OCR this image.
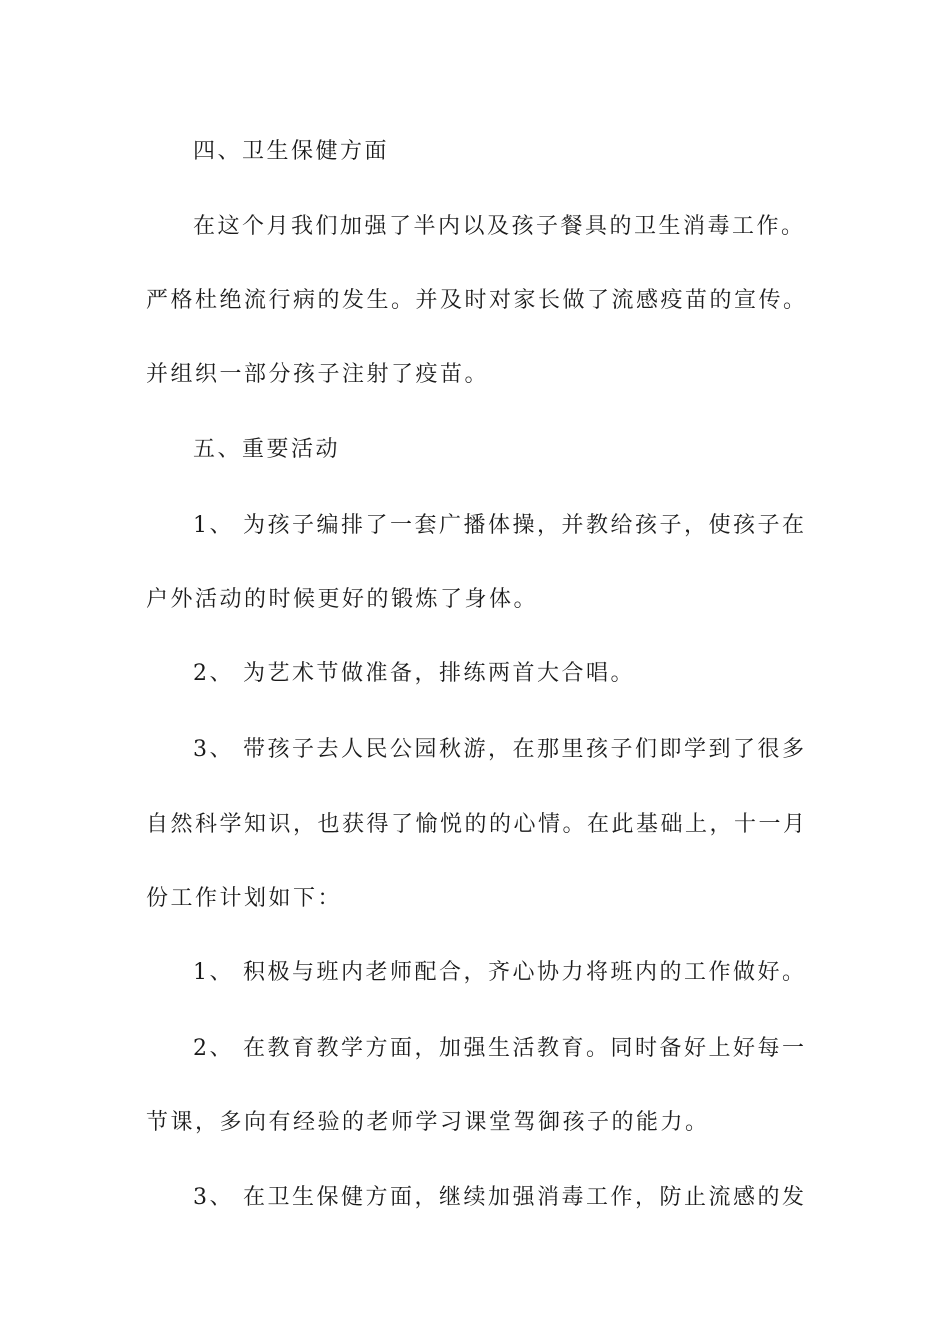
四、卫生保健方面
在这个月我们加强了半内以及孩子餐具的卫生消毒工作。
严格杜绝流行病的发生。并及时对家长做了流感疫苗的宣传。
并组织一部分孩子注射了疫苗。
五、重要活动
1、 为孩子编排了一套广播体操，并教给孩子，使孩子在
户外活动的时候更好的锻炼了身体。
2、 为艺术节做准备，排练两首大合唱。
3、 带孩子去人民公园秋游，在那里孩子们即学到了很多
自然科学知识，也获得了愉悦的的心情。在此基础上，十一月
份工作计划如下：
1、 积极与班内老师配合，齐心协力将班内的工作做好。
2、 在教育教学方面，加强生活教育。同时备好上好每一
节课，多向有经验的老师学习课堂驾御孩子的能力。
3、 在卫生保健方面，继续加强消毒工作，防止流感的发
